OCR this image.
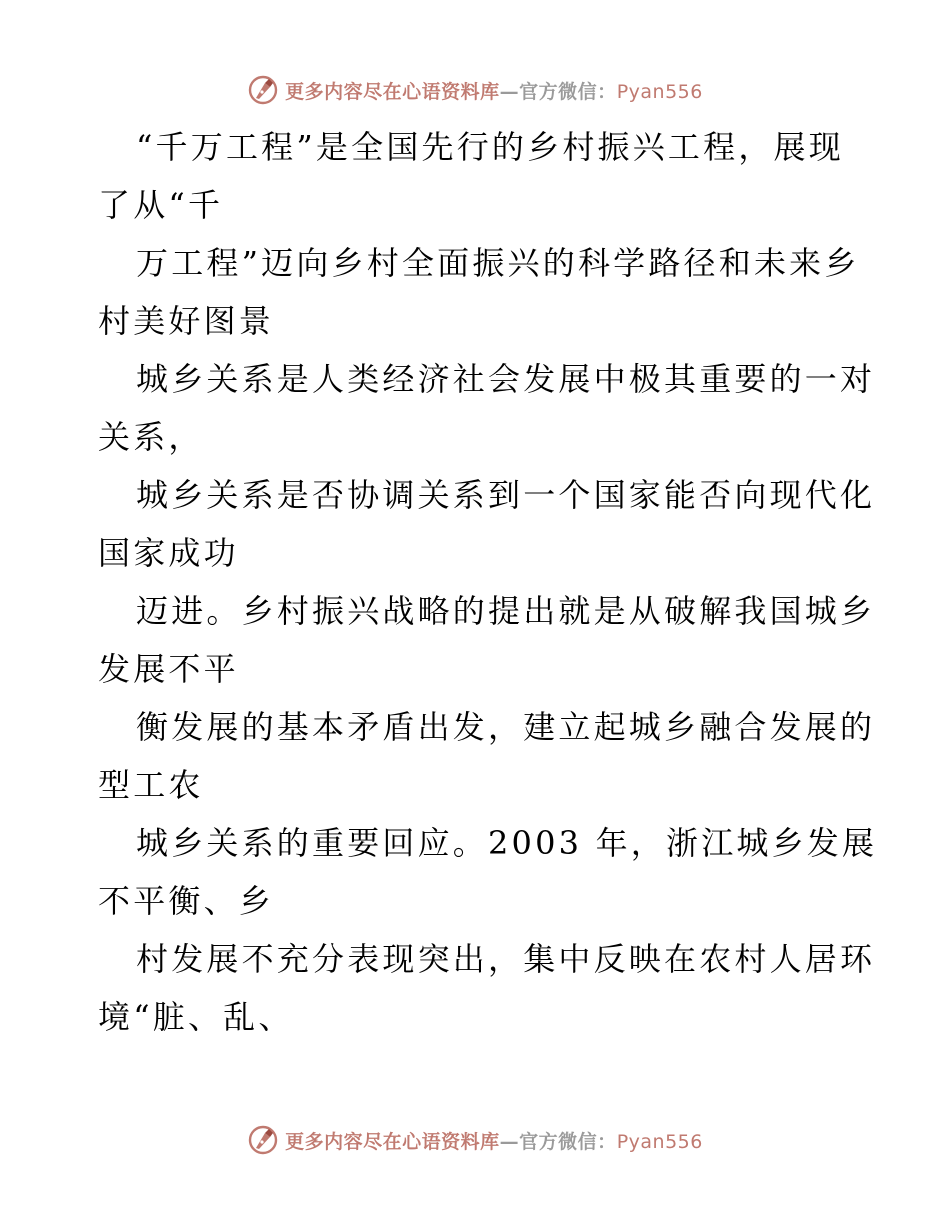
更多内容尽在心语资料库—官方微信：Pyan556
“千万工程”是全国先行的乡村振兴工程，展现
了从“千
万工程”迈向乡村全面振兴的科学路径和未来乡
村美好图景
城乡关系是人类经济社会发展中极其重要的一对
关系，
城乡关系是否协调关系到一个国家能否向现代化
国家成功
迈进。乡村振兴战略的提出就是从破解我国城乡
发展不平
衡发展的基本矛盾出发，建立起城乡融合发展的
型工农
城乡关系的重要回应。2003 年，浙江城乡发展
不平衡、乡
村发展不充分表现突出，集中反映在农村人居环
境“脏、乱、
更多内容尽在心语资料库—官方微信：Pyan556
